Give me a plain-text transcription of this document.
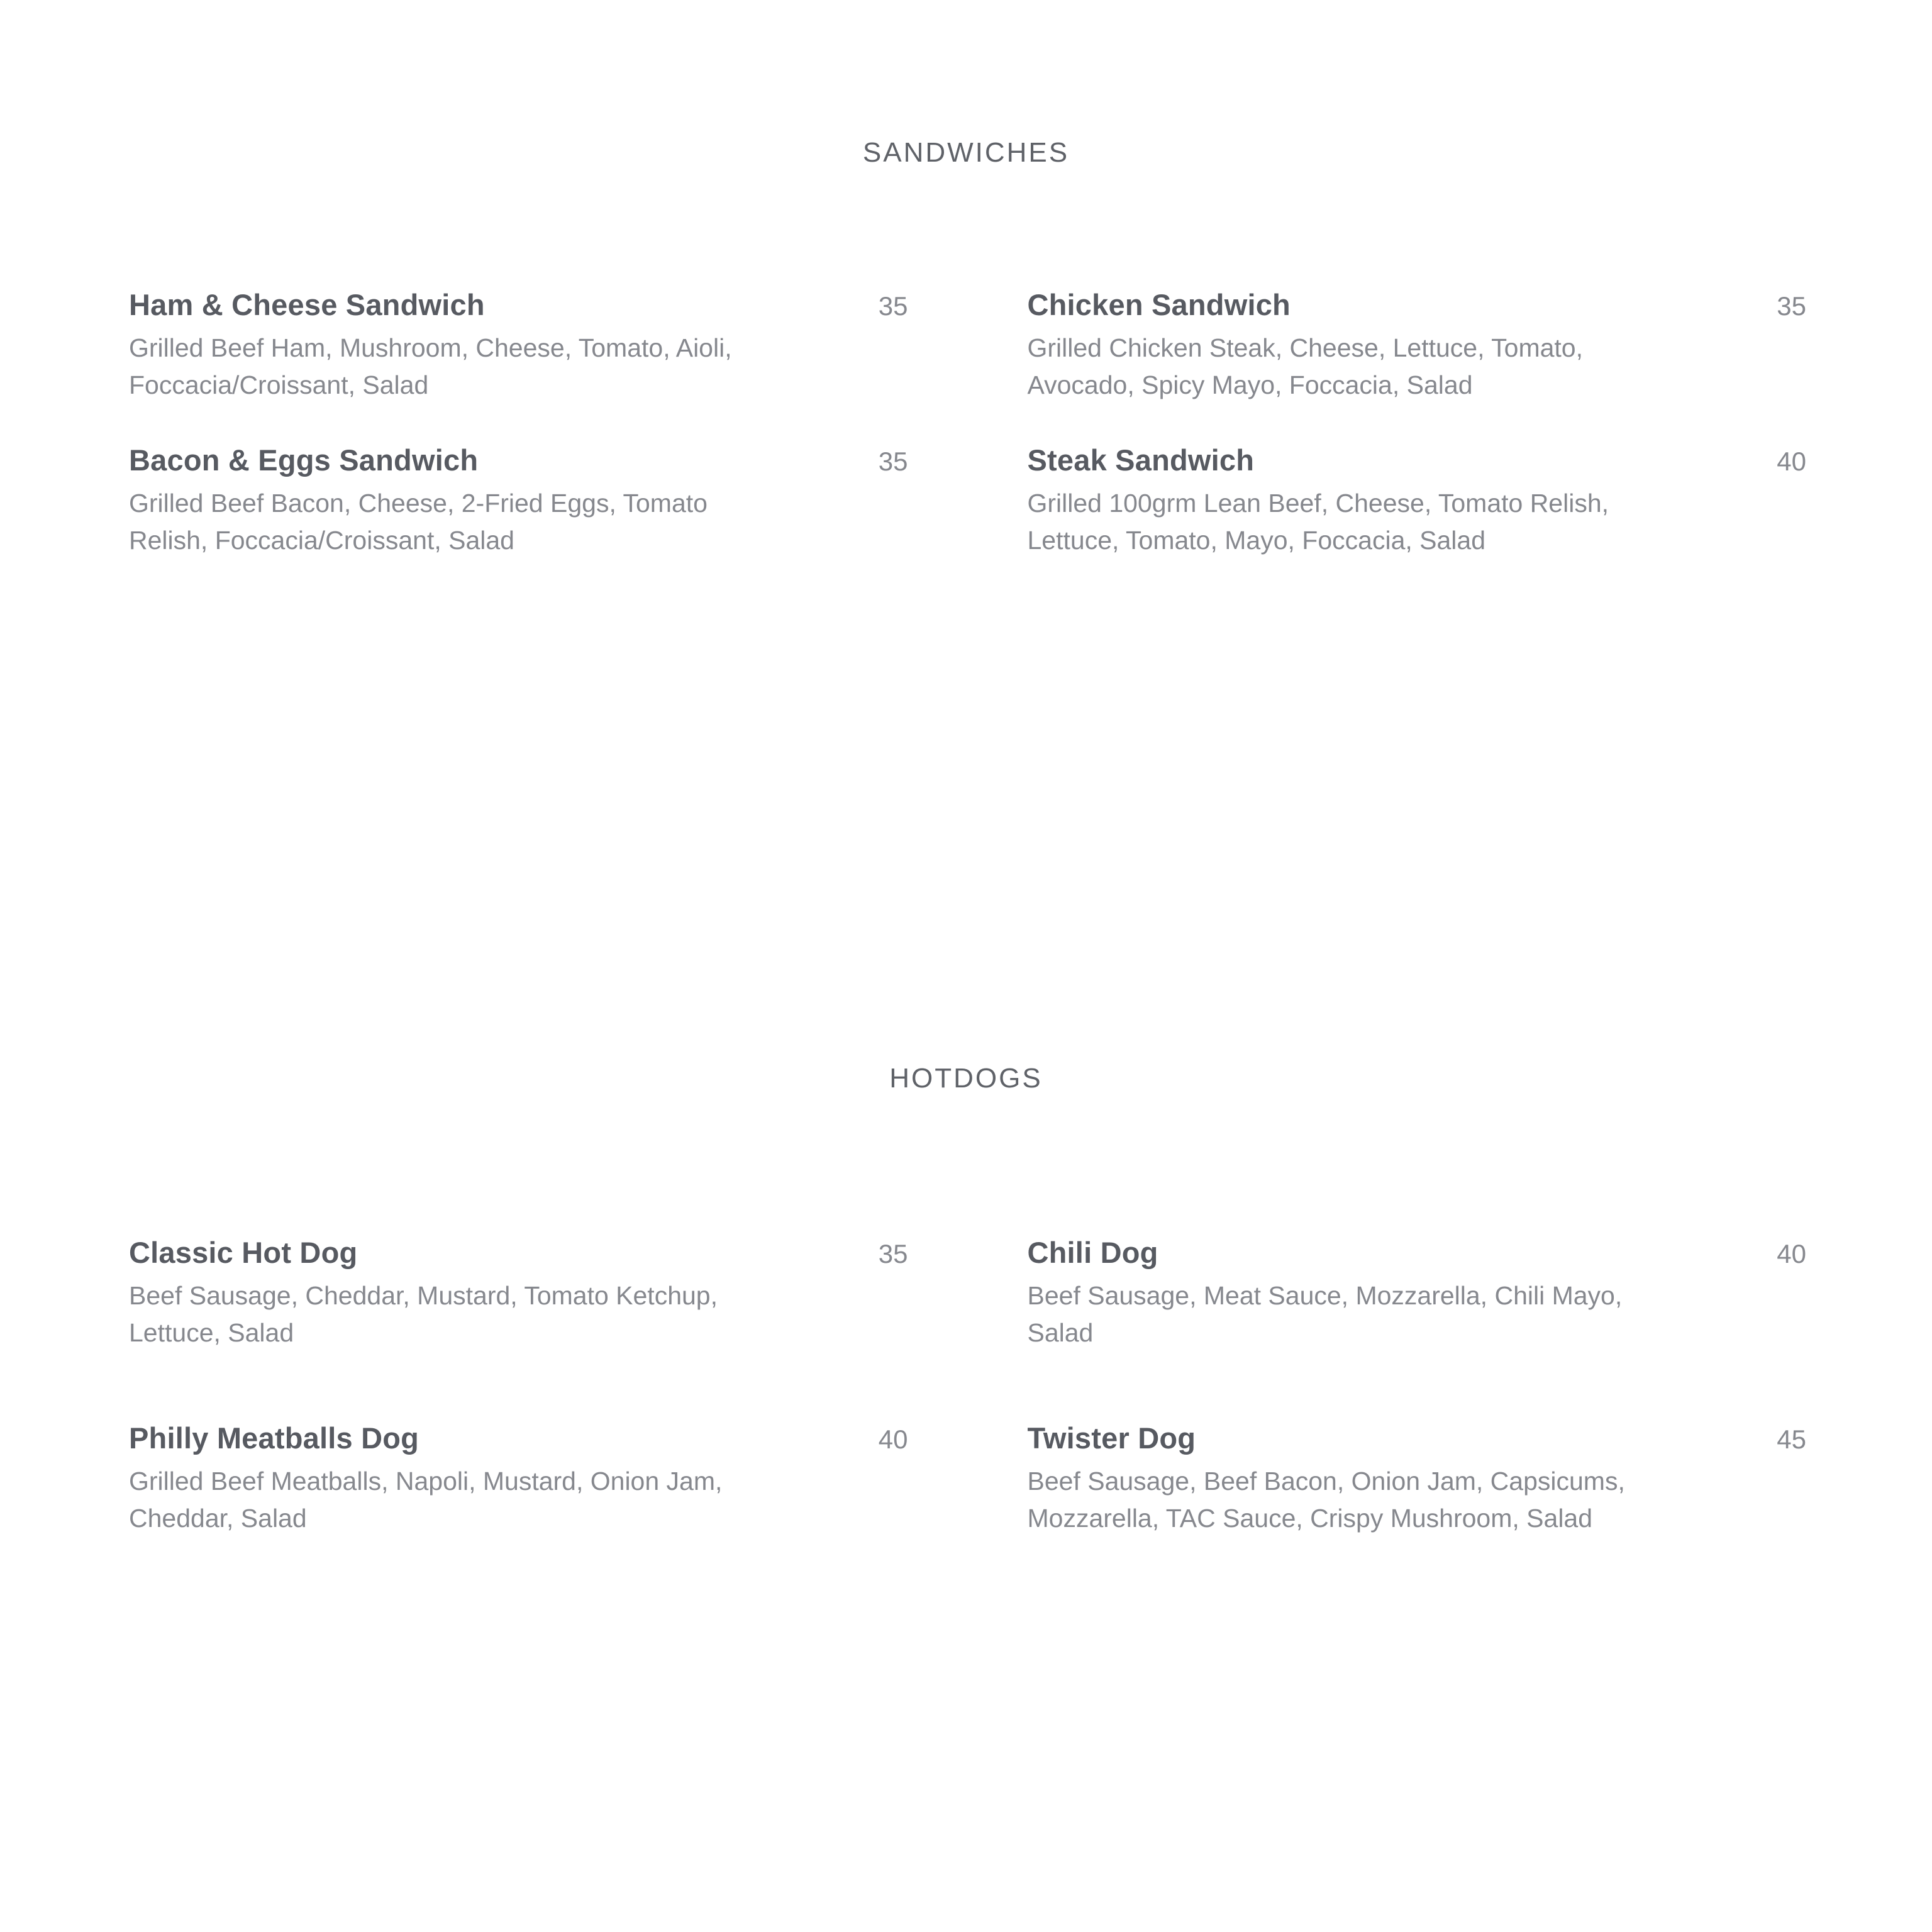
SANDWICHES
Ham & Cheese Sandwich	35
Grilled Beef Ham, Mushroom, Cheese, Tomato, Aioli, Foccacia/Croissant, Salad
Bacon & Eggs Sandwich	35
Grilled Beef Bacon, Cheese, 2-Fried Eggs, Tomato Relish, Foccacia/Croissant, Salad
Chicken Sandwich	35
Grilled Chicken Steak, Cheese, Lettuce, Tomato, Avocado, Spicy Mayo, Foccacia, Salad
Steak Sandwich	40
Grilled 100grm Lean Beef, Cheese, Tomato Relish, Lettuce, Tomato, Mayo, Foccacia, Salad
HOTDOGS
Classic Hot Dog	35
Beef Sausage, Cheddar, Mustard, Tomato Ketchup, Lettuce, Salad
Philly Meatballs Dog	40
Grilled Beef Meatballs, Napoli, Mustard, Onion Jam, Cheddar, Salad
Chili Dog	40
Beef Sausage, Meat Sauce, Mozzarella, Chili Mayo, Salad
Twister Dog	45
Beef Sausage, Beef Bacon, Onion Jam, Capsicums, Mozzarella, TAC Sauce, Crispy Mushroom, Salad
